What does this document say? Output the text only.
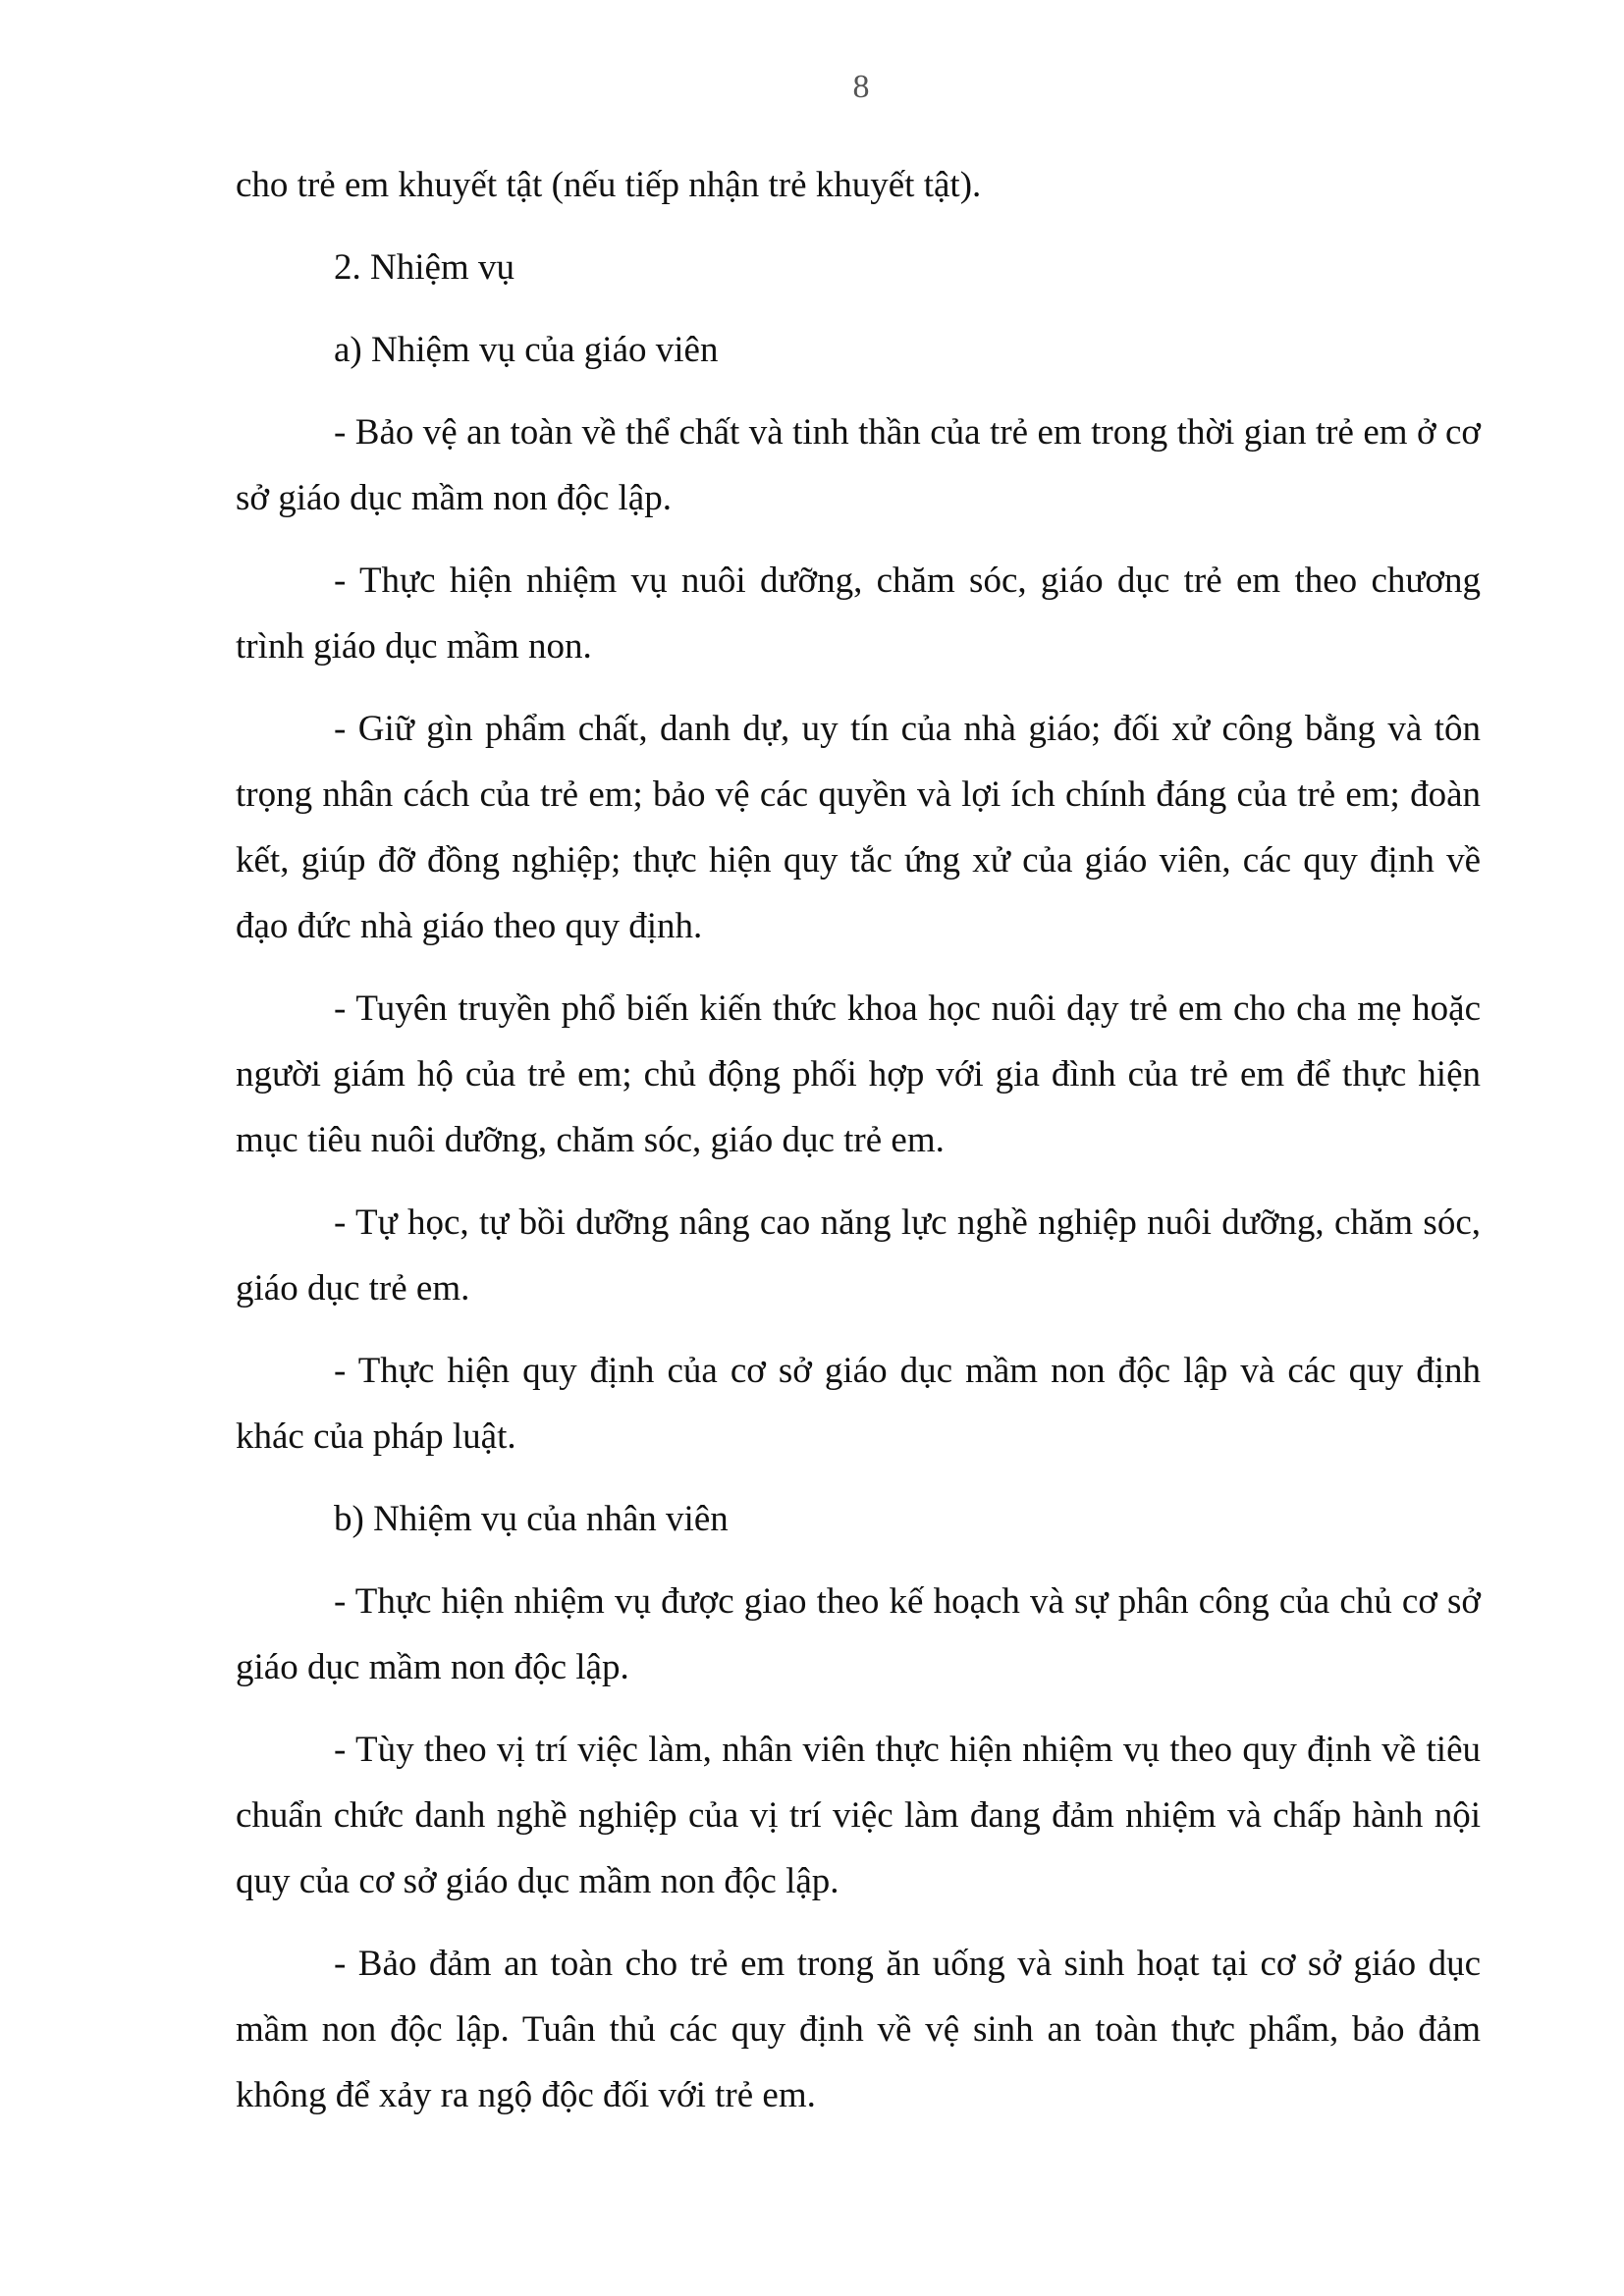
8

cho trẻ em khuyết tật (nếu tiếp nhận trẻ khuyết tật).

2. Nhiệm vụ

a) Nhiệm vụ của giáo viên

- Bảo vệ an toàn về thể chất và tinh thần của trẻ em trong thời gian trẻ em ở cơ sở giáo dục mầm non độc lập.

- Thực hiện nhiệm vụ nuôi dưỡng, chăm sóc, giáo dục trẻ em theo chương trình giáo dục mầm non.

- Giữ gìn phẩm chất, danh dự, uy tín của nhà giáo; đối xử công bằng và tôn trọng nhân cách của trẻ em; bảo vệ các quyền và lợi ích chính đáng của trẻ em; đoàn kết, giúp đỡ đồng nghiệp; thực hiện quy tắc ứng xử của giáo viên, các quy định về đạo đức nhà giáo theo quy định.

- Tuyên truyền phổ biến kiến thức khoa học nuôi dạy trẻ em cho cha mẹ hoặc người giám hộ của trẻ em; chủ động phối hợp với gia đình của trẻ em để thực hiện mục tiêu nuôi dưỡng, chăm sóc, giáo dục trẻ em.

- Tự học, tự bồi dưỡng nâng cao năng lực nghề nghiệp nuôi dưỡng, chăm sóc, giáo dục trẻ em.

- Thực hiện quy định của cơ sở giáo dục mầm non độc lập và các quy định khác của pháp luật.

b) Nhiệm vụ của nhân viên

- Thực hiện nhiệm vụ được giao theo kế hoạch và sự phân công của chủ cơ sở giáo dục mầm non độc lập.

- Tùy theo vị trí việc làm, nhân viên thực hiện nhiệm vụ theo quy định về tiêu chuẩn chức danh nghề nghiệp của vị trí việc làm đang đảm nhiệm và chấp hành nội quy của cơ sở giáo dục mầm non độc lập.

- Bảo đảm an toàn cho trẻ em trong ăn uống và sinh hoạt tại cơ sở giáo dục mầm non độc lập. Tuân thủ các quy định về vệ sinh an toàn thực phẩm, bảo đảm không để xảy ra ngộ độc đối với trẻ em.
